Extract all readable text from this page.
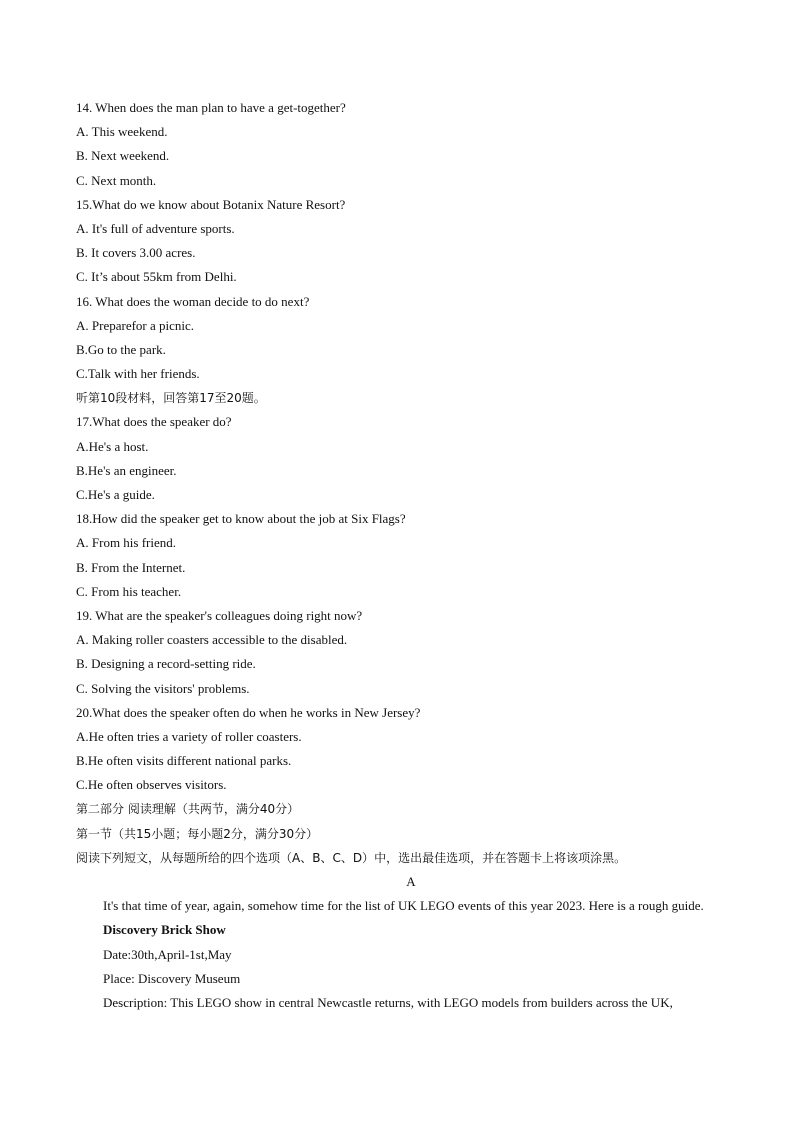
14. When does the man plan to have a get-together?
A. This weekend.
B. Next weekend.
C. Next month.
15.What do we know about Botanix Nature Resort?
A. It's full of adventure sports.
B. It covers 3.00 acres.
C. It’s about 55km from Delhi.
16. What does the woman decide to do next?
A. Preparefor a picnic.
B.Go to the park.
C.Talk with her friends.
听第10段材料，回答第17至20题。
17.What does the speaker do?
A.He's a host.
B.He's an engineer.
C.He's a guide.
18.How did the speaker get to know about the job at Six Flags?
A. From his friend.
B. From the Internet.
C. From his teacher.
19. What are the speaker's colleagues doing right now?
A. Making roller coasters accessible to the disabled.
B. Designing a record-setting ride.
C. Solving the visitors' problems.
20.What does the speaker often do when he works in New Jersey?
A.He often tries a variety of roller coasters.
B.He often visits different national parks.
C.He often observes visitors.
第二部分 阅读理解（共两节，满分40分）
第一节（共15小题；每小题2分，满分30分）
阅读下列短文，从每题所给的四个选项（A、B、C、D）中，选出最佳选项，并在答题卡上将该项涂黑。
A
It's that time of year, again, somehow time for the list of UK LEGO events of this year 2023. Here is a rough guide.
Discovery Brick Show
Date:30th,April-1st,May
Place: Discovery Museum
Description: This LEGO show in central Newcastle returns, with LEGO models from builders across the UK,
